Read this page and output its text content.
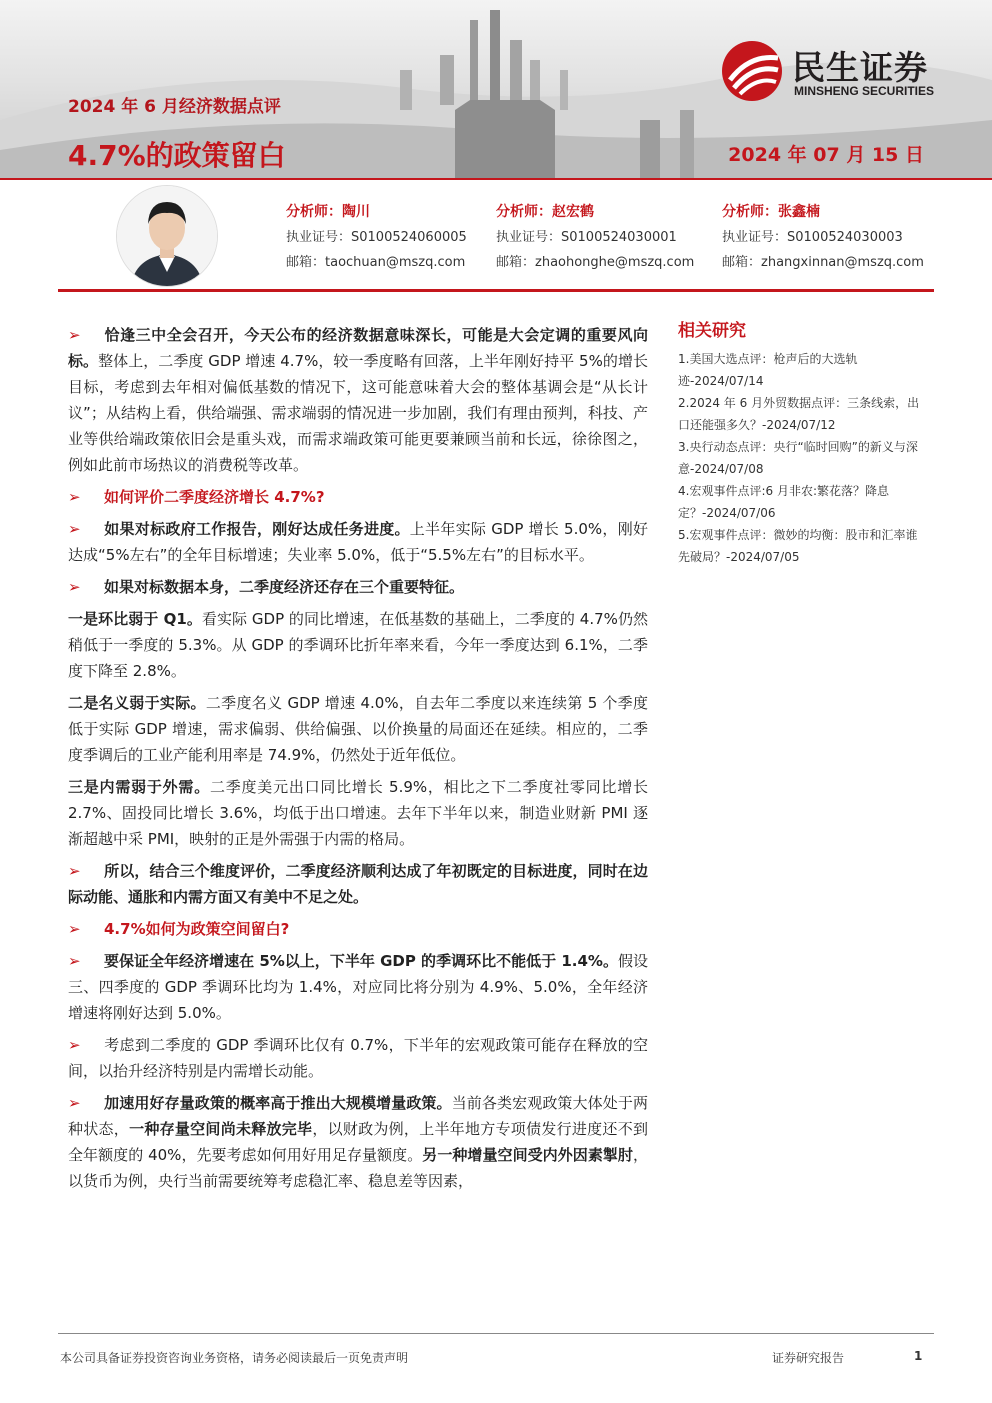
2024 年 6 月经济数据点评
4.7%的政策留白	2024 年 07 月 15 日
民生证券
MINSHENG SECURITIES
分析师：陶川
执业证号：S0100524060005
邮箱：taochuan@mszq.com
分析师：赵宏鹤
执业证号：S0100524030001
邮箱：zhaohonghe@mszq.com
分析师：张鑫楠
执业证号：S0100524030003
邮箱：zhangxinnan@mszq.com

➢ 恰逢三中全会召开，今天公布的经济数据意味深长，可能是大会定调的重要风向标。整体上，二季度 GDP 增速 4.7%，较一季度略有回落，上半年刚好持平 5%的增长目标，考虑到去年相对偏低基数的情况下，这可能意味着大会的整体基调会是“从长计议”；从结构上看，供给端强、需求端弱的情况进一步加剧，我们有理由预判，科技、产业等供给端政策依旧会是重头戏，而需求端政策可能更要兼顾当前和长远，徐徐图之，例如此前市场热议的消费税等改革。

➢ 如何评价二季度经济增长 4.7%?

➢ 如果对标政府工作报告，刚好达成任务进度。上半年实际 GDP 增长 5.0%，刚好达成“5%左右”的全年目标增速；失业率 5.0%，低于“5.5%左右”的目标水平。

➢ 如果对标数据本身，二季度经济还存在三个重要特征。

一是环比弱于 Q1。看实际 GDP 的同比增速，在低基数的基础上，二季度的 4.7%仍然稍低于一季度的 5.3%。从 GDP 的季调环比折年率来看，今年一季度达到 6.1%，二季度下降至 2.8%。

二是名义弱于实际。二季度名义 GDP 增速 4.0%，自去年二季度以来连续第 5 个季度低于实际 GDP 增速，需求偏弱、供给偏强、以价换量的局面还在延续。相应的，二季度季调后的工业产能利用率是 74.9%，仍然处于近年低位。

三是内需弱于外需。二季度美元出口同比增长 5.9%，相比之下二季度社零同比增长 2.7%、固投同比增长 3.6%，均低于出口增速。去年下半年以来，制造业财新 PMI 逐渐超越中采 PMI，映射的正是外需强于内需的格局。

➢ 所以，结合三个维度评价，二季度经济顺利达成了年初既定的目标进度，同时在边际动能、通胀和内需方面又有美中不足之处。

➢ 4.7%如何为政策空间留白?

➢ 要保证全年经济增速在 5%以上，下半年 GDP 的季调环比不能低于 1.4%。假设三、四季度的 GDP 季调环比均为 1.4%，对应同比将分别为 4.9%、5.0%，全年经济增速将刚好达到 5.0%。

➢ 考虑到二季度的 GDP 季调环比仅有 0.7%，下半年的宏观政策可能存在释放的空间，以抬升经济特别是内需增长动能。

➢ 加速用好存量政策的概率高于推出大规模增量政策。当前各类宏观政策大体处于两种状态，一种存量空间尚未释放完毕，以财政为例，上半年地方专项债发行进度还不到全年额度的 40%，先要考虑如何用好用足存量额度。另一种增量空间受内外因素掣肘，以货币为例，央行当前需要统筹考虑稳汇率、稳息差等因素，

相关研究
1.美国大选点评：枪声后的大选轨迹-2024/07/14
2.2024 年 6 月外贸数据点评：三条线索，出口还能强多久？-2024/07/12
3.央行动态点评：央行“临时回购”的新义与深意-2024/07/08
4.宏观事件点评:6 月非农:繁花落？降息定？-2024/07/06
5.宏观事件点评：微妙的均衡：股市和汇率谁先破局？-2024/07/05
本公司具备证券投资咨询业务资格，请务必阅读最后一页免责声明	证券研究报告	1
